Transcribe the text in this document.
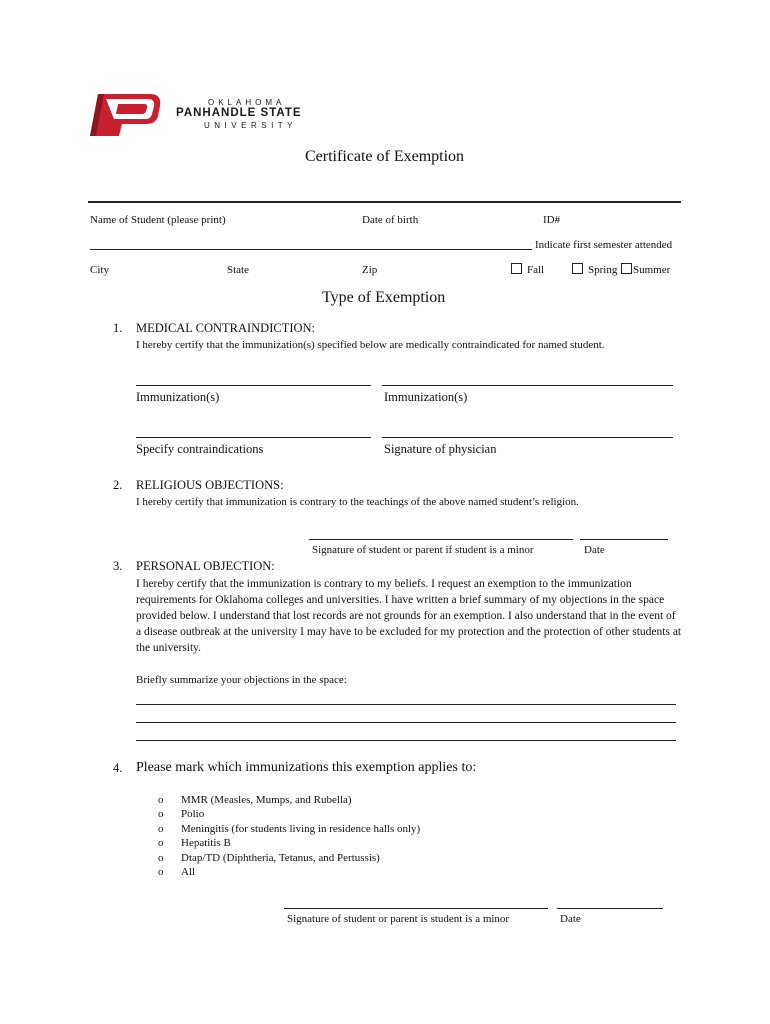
OKLAHOMA
PANHANDLE STATE
UNIVERSITY
Certificate of Exemption
Name of Student (please print)	Date of birth	ID#
Indicate first semester attended
City	State	Zip	Fall	Spring Summer
Type of Exemption
1. MEDICAL CONTRAINDICTION:
I hereby certify that the immunization(s) specified below are medically contraindicated for named student.
Immunization(s)	Immunization(s)
Specify contraindications	Signature of physician
2. RELIGIOUS OBJECTIONS:
I hereby certify that immunization is contrary to the teachings of the above named student’s religion.
Signature of student or parent if student is a minor	Date
3. PERSONAL OBJECTION:
I hereby certify that the immunization is contrary to my beliefs. I request an exemption to the immunization requirements for Oklahoma colleges and universities. I have written a brief summary of my objections in the space provided below. I understand that lost records are not grounds for an exemption. I also understand that in the event of a disease outbreak at the university I may have to be excluded for my protection and the protection of other students at the university.
Briefly summarize your objections in the space:
4. Please mark which immunizations this exemption applies to:
o MMR (Measles, Mumps, and Rubella)
o Polio
o Meningitis (for students living in residence halls only)
o Hepatitis B
o Dtap/TD (Diphtheria, Tetanus, and Pertussis)
o All
Signature of student or parent is student is a minor	Date
